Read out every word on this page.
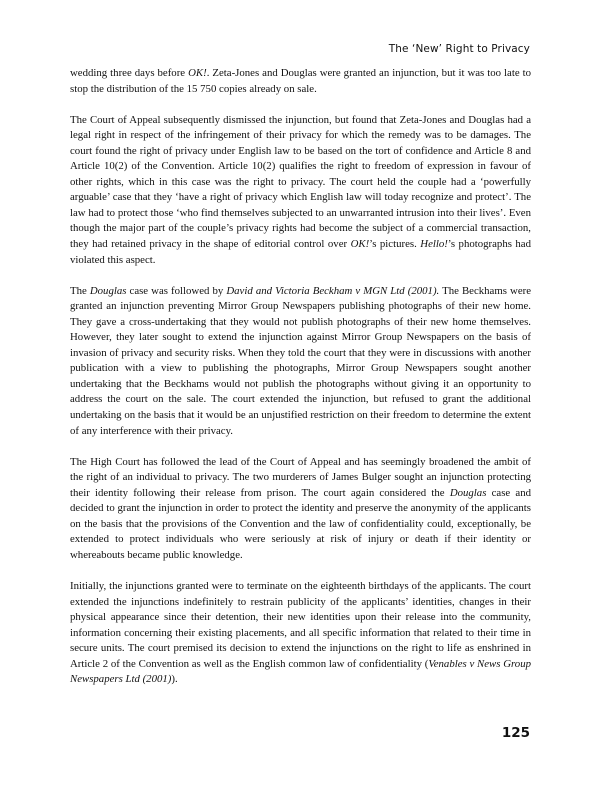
The ‘New’ Right to Privacy

wedding three days before OK!. Zeta-Jones and Douglas were granted an injunction, but it was too late to stop the distribution of the 15 750 copies already on sale.

The Court of Appeal subsequently dismissed the injunction, but found that Zeta-Jones and Douglas had a legal right in respect of the infringement of their privacy for which the remedy was to be damages. The court found the right of privacy under English law to be based on the tort of confidence and Article 8 and Article 10(2) of the Convention. Article 10(2) qualifies the right to freedom of expression in favour of other rights, which in this case was the right to privacy. The court held the couple had a ‘powerfully arguable’ case that they ‘have a right of privacy which English law will today recognize and protect’. The law had to protect those ‘who find themselves subjected to an unwarranted intrusion into their lives’. Even though the major part of the couple’s privacy rights had become the subject of a commercial transaction, they had retained privacy in the shape of editorial control over OK!’s pictures. Hello!’s photographs had violated this aspect.

The Douglas case was followed by David and Victoria Beckham v MGN Ltd (2001). The Beckhams were granted an injunction preventing Mirror Group Newspapers publishing photographs of their new home. They gave a cross-undertaking that they would not publish photographs of their new home themselves. However, they later sought to extend the injunction against Mirror Group Newspapers on the basis of invasion of privacy and security risks. When they told the court that they were in discussions with another publication with a view to publishing the photographs, Mirror Group Newspapers sought another undertaking that the Beckhams would not publish the photographs without giving it an opportunity to address the court on the sale. The court extended the injunction, but refused to grant the additional undertaking on the basis that it would be an unjustified restriction on their freedom to determine the extent of any interference with their privacy.

The High Court has followed the lead of the Court of Appeal and has seemingly broadened the ambit of the right of an individual to privacy. The two murderers of James Bulger sought an injunction protecting their identity following their release from prison. The court again considered the Douglas case and decided to grant the injunction in order to protect the identity and preserve the anonymity of the applicants on the basis that the provisions of the Convention and the law of confidentiality could, exceptionally, be extended to protect individuals who were seriously at risk of injury or death if their identity or whereabouts became public knowledge.

Initially, the injunctions granted were to terminate on the eighteenth birthdays of the applicants. The court extended the injunctions indefinitely to restrain publicity of the applicants’ identities, changes in their physical appearance since their detention, their new identities upon their release into the community, information concerning their existing placements, and all specific information that related to their time in secure units. The court premised its decision to extend the injunctions on the right to life as enshrined in Article 2 of the Convention as well as the English common law of confidentiality (Venables v News Group Newspapers Ltd (2001)).

125
